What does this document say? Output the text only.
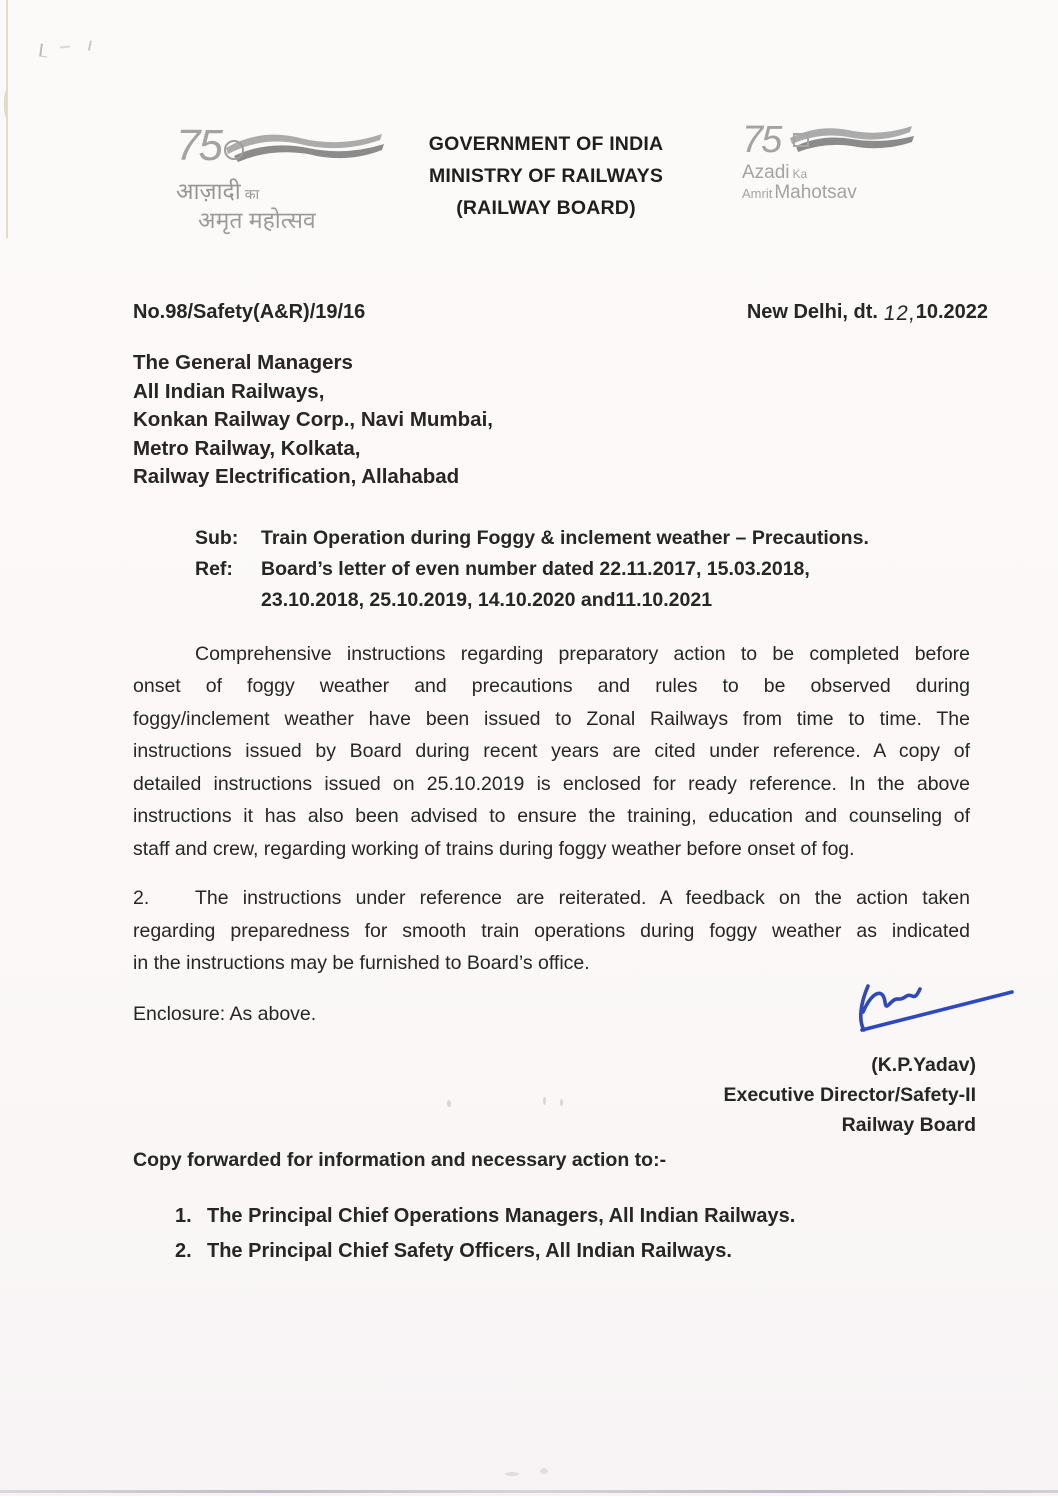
75
आज़ादी का
अमृत महोत्सव
GOVERNMENT OF INDIA
MINISTRY OF RAILWAYS
(RAILWAY BOARD)
75
Azadi Ka
Amrit Mahotsav
No.98/Safety(A&R)/19/16	New Delhi, dt. 12,10.2022
The General Managers
All Indian Railways,
Konkan Railway Corp., Navi Mumbai,
Metro Railway, Kolkata,
Railway Electrification, Allahabad
Sub:	Train Operation during Foggy & inclement weather – Precautions.
Ref:	Board’s letter of even number dated 22.11.2017, 15.03.2018,
23.10.2018, 25.10.2019, 14.10.2020 and11.10.2021
Comprehensive instructions regarding preparatory action to be completed before
onset of foggy weather and precautions and rules to be observed during
foggy/inclement weather have been issued to Zonal Railways from time to time. The
instructions issued by Board during recent years are cited under reference. A copy of
detailed instructions issued on 25.10.2019 is enclosed for ready reference. In the above
instructions it has also been advised to ensure the training, education and counseling of
staff and crew, regarding working of trains during foggy weather before onset of fog.
2.	The instructions under reference are reiterated. A feedback on the action taken
regarding preparedness for smooth train operations during foggy weather as indicated
in the instructions may be furnished to Board’s office.
Enclosure: As above.
(K.P.Yadav)
Executive Director/Safety-II
Railway Board
Copy forwarded for information and necessary action to:-
1. The Principal Chief Operations Managers, All Indian Railways.
2. The Principal Chief Safety Officers, All Indian Railways.
